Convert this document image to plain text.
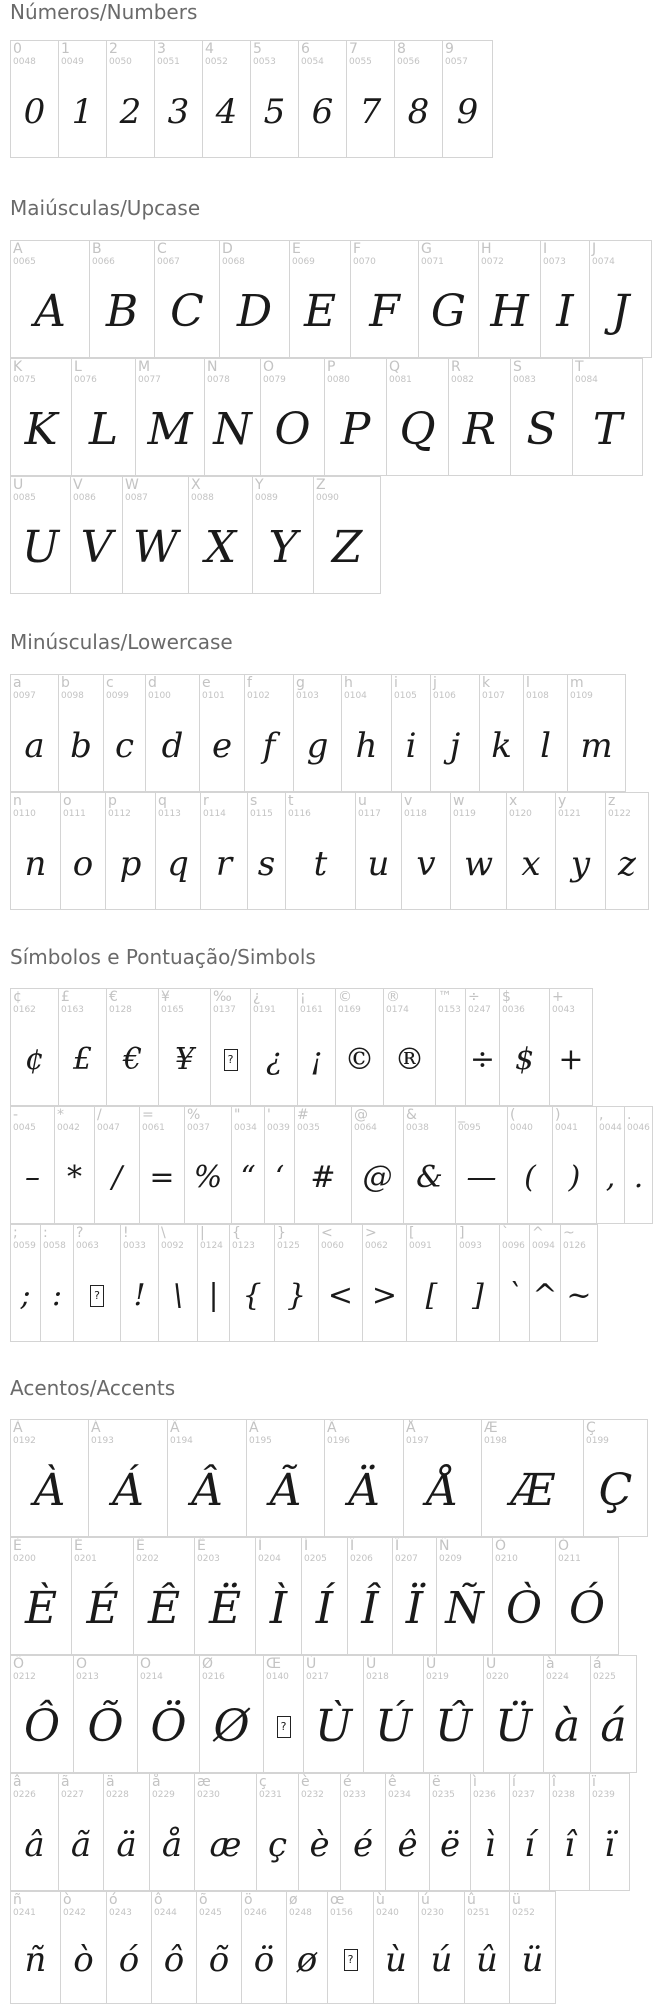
Números/Numbers
0
0048
0
1
0049
1
2
0050
2
3
0051
3
4
0052
4
5
0053
5
6
0054
6
7
0055
7
8
0056
8
9
0057
9
Maiúsculas/Upcase
A
0065
A
B
0066
B
C
0067
C
D
0068
D
E
0069
E
F
0070
F
G
0071
G
H
0072
H
I
0073
I
J
0074
J
K
0075
K
L
0076
L
M
0077
M
N
0078
N
O
0079
O
P
0080
P
Q
0081
Q
R
0082
R
S
0083
S
T
0084
T
U
0085
U
V
0086
V
W
0087
W
X
0088
X
Y
0089
Y
Z
0090
Z
Minúsculas/Lowercase
a
0097
a
b
0098
b
c
0099
c
d
0100
d
e
0101
e
f
0102
f
g
0103
g
h
0104
h
i
0105
i
j
0106
j
k
0107
k
l
0108
l
m
0109
m
n
0110
n
o
0111
o
p
0112
p
q
0113
q
r
0114
r
s
0115
s
t
0116
t
u
0117
u
v
0118
v
w
0119
w
x
0120
x
y
0121
y
z
0122
z
Símbolos e Pontuação/Simbols
¢
0162
¢
£
0163
£
€
0128
€
¥
0165
¥
‰
0137
?
¿
0191
¿
¡
0161
¡
©
0169
©
®
0174
®
™
0153
÷
0247
÷
$
0036
$
+
0043
+
-
0045
–
*
0042
*
/
0047
/
=
0061
=
%
0037
%
"
0034
“
'
0039
‘
#
0035
#
@
0064
@
&
0038
&
_
0095
—
(
0040
(
)
0041
)
,
0044
,
.
0046
.
;
0059
;
:
0058
:
?
0063
?
!
0033
!
\
0092
\
|
0124
|
{
0123
{
}
0125
}
<
0060
<
>
0062
>
[
0091
[
]
0093
]
`
0096
`
^
0094
^
~
0126
~
Acentos/Accents
À
0192
À
Á
0193
Á
Â
0194
Â
Ã
0195
Ã
Ä
0196
Ä
Å
0197
Å
Æ
0198
Æ
Ç
0199
Ç
È
0200
È
É
0201
É
Ê
0202
Ê
Ë
0203
Ë
Ì
0204
Ì
Í
0205
Í
Î
0206
Î
Ï
0207
Ï
Ñ
0209
Ñ
Ò
0210
Ò
Ó
0211
Ó
Ô
0212
Ô
Õ
0213
Õ
Ö
0214
Ö
Ø
0216
Ø
Œ
0140
?
Ù
0217
Ù
Ú
0218
Ú
Û
0219
Û
Ü
0220
Ü
à
0224
à
á
0225
á
â
0226
â
ã
0227
ã
ä
0228
ä
å
0229
å
æ
0230
æ
ç
0231
ç
è
0232
è
é
0233
é
ê
0234
ê
ë
0235
ë
ì
0236
ì
í
0237
í
î
0238
î
ï
0239
ï
ñ
0241
ñ
ò
0242
ò
ó
0243
ó
ô
0244
ô
õ
0245
õ
ö
0246
ö
ø
0248
ø
œ
0156
?
ù
0240
ù
ú
0230
ú
û
0251
û
ü
0252
ü
